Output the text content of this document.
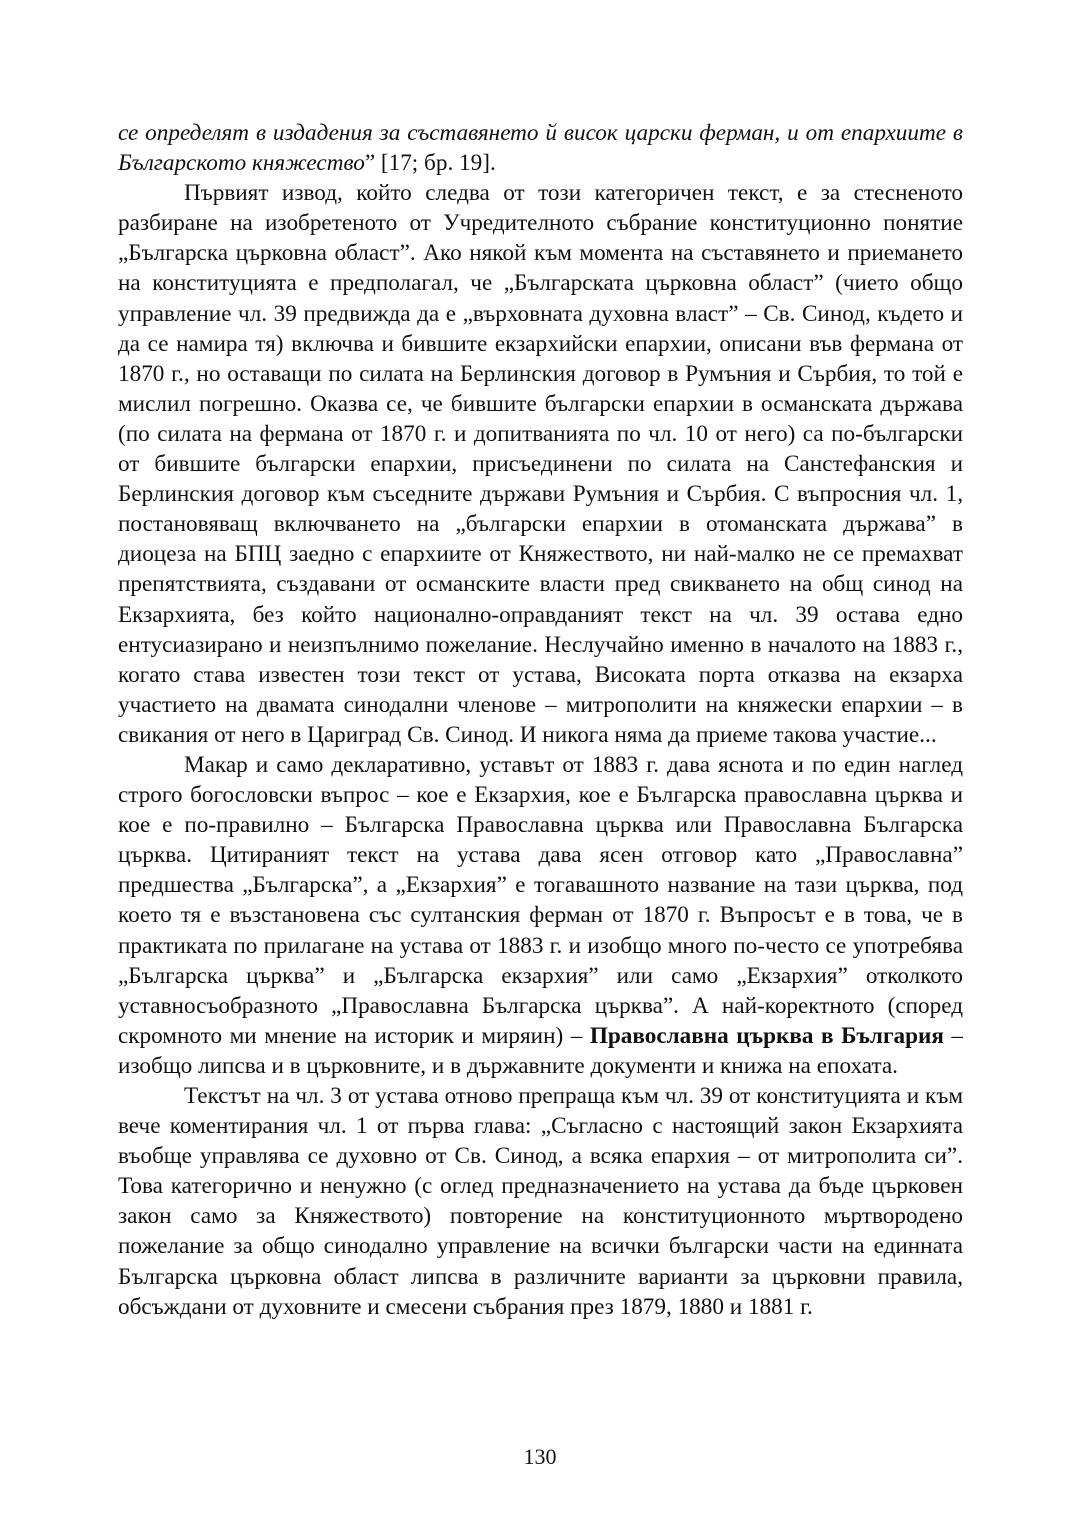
се определят в издадения за съставянето й висок царски ферман, и от епархиите в Българското княжество” [17; бр. 19].

Първият извод, който следва от този категоричен текст, е за стесненото разбиране на изобретеното от Учредителното събрание конституционно понятие „Българска църковна област”. Ако някой към момента на съставянето и приемането на конституцията е предполагал, че „Българската църковна област” (чието общо управление чл. 39 предвижда да е „върховната духовна власт” – Св. Синод, където и да се намира тя) включва и бившите екзархийски епархии, описани във фермана от 1870 г., но оставащи по силата на Берлинския договор в Румъния и Сърбия, то той е мислил погрешно. Оказва се, че бившите български епархии в османската държава (по силата на фермана от 1870 г. и допитванията по чл. 10 от него) са по-български от бившите български епархии, присъединени по силата на Санстефанския и Берлинския договор към съседните държави Румъния и Сърбия. С въпросния чл. 1, постановяващ включването на „български епархии в отоманската държава” в диоцеза на БПЦ заедно с епархиите от Княжеството, ни най-малко не се премахват препятствията, създавани от османските власти пред свикването на общ синод на Екзархията, без който национално-оправданият текст на чл. 39 остава едно ентусиазирано и неизпълнимо пожелание. Неслучайно именно в началото на 1883 г., когато става известен този текст от устава, Високата порта отказва на екзарха участието на двамата синодални членове – митрополити на княжески епархии – в свикания от него в Цариград Св. Синод. И никога няма да приеме такова участие...

Макар и само декларативно, уставът от 1883 г. дава яснота и по един наглед строго богословски въпрос – кое е Екзархия, кое е Българска православна църква и кое е по-правилно – Българска Православна църква или Православна Българска църква. Цитираният текст на устава дава ясен отговор като „Православна” предшества „Българска”, а „Екзархия” е тогавашното название на тази църква, под което тя е възстановена със султанския ферман от 1870 г. Въпросът е в това, че в практиката по прилагане на устава от 1883 г. и изобщо много по-често се употребява „Българска църква” и „Българска екзархия” или само „Екзархия” отколкото уставносъобразното „Православна Българска църква”. А най-коректното (според скромното ми мнение на историк и миряин) – Православна църква в България – изобщо липсва и в църковните, и в държавните документи и книжа на епохата.

Текстът на чл. 3 от устава отново препраща към чл. 39 от конституцията и към вече коментирания чл. 1 от първа глава: „Съгласно с настоящий закон Екзархията въобще управлява се духовно от Св. Синод, а всяка епархия – от митрополита си”. Това категорично и ненужно (с оглед предназначението на устава да бъде църковен закон само за Княжеството) повторение на конституционното мъртвородено пожелание за общо синодално управление на всички български части на единната Българска църковна област липсва в различните варианти за църковни правила, обсъждани от духовните и смесени събрания през 1879, 1880 и 1881 г.

130
